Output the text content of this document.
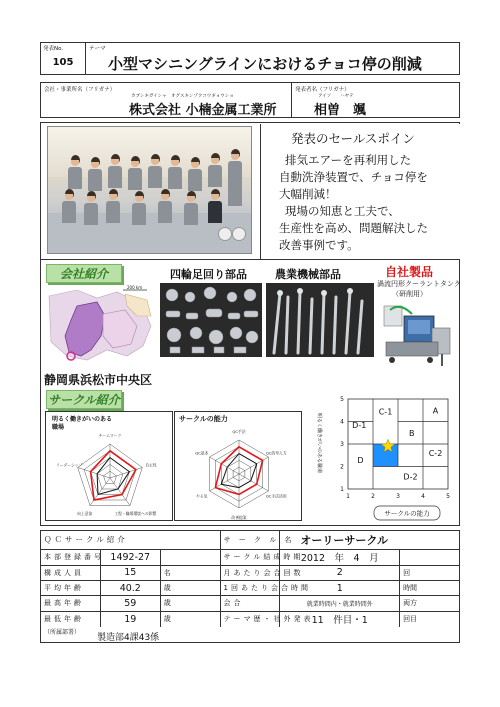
発表No.
105
テーマ
小型マシニングラインにおけるチョコ停の削減
会社・事業所名（フリガナ）
カブシキガイシャ　オグスキンゾクコウギョウショ
株式会社 小楠金属工業所
発表者名（フリガナ）
アイソ　　ハヤテ
相曽　颯
発表のセールスポイン
排気エアーを再利用した
自動洗浄装置で、チョコ停を
大幅削減！
現場の知恵と工夫で、
生産性を高め、問題解決した
改善事例です。
会社紹介
200 km
静岡県浜松市中央区
四輪足回り部品	農業機械部品	自社製品
渦流円形クーラントタンク
（研削用）
サークル紹介
明るく働きがいのある職場
チームワーク
自主性
工程・職場環境への影響
向上意欲
リーダーシップ
サークルの能力
QC手法
QC的考え方
QC手法活用
改善提案
やる気
QC基本	明るく働きがいのある職場
A
B
C-1
C-2
D
D-1
D-2
1	2	3	4	5
1
2
3
4
5
サークルの能力
ＱＣサークル紹介			サ ー ク ル 名	オーリーサークル	
本部登録番号	1492-27		サークル結成時期	2012　年　4　月	
構成人員	15	名	月あたり会合回数	2	回
平均年齢	40.2	歳	1回あたり会合時間	1	時間
最高年齢	59	歳	会合	就業時間内・就業時間外	両方
最低年齢	19	歳	テーマ歴・社外発表	11　件目・1	回目
（所属部署）
製造部4課43係
